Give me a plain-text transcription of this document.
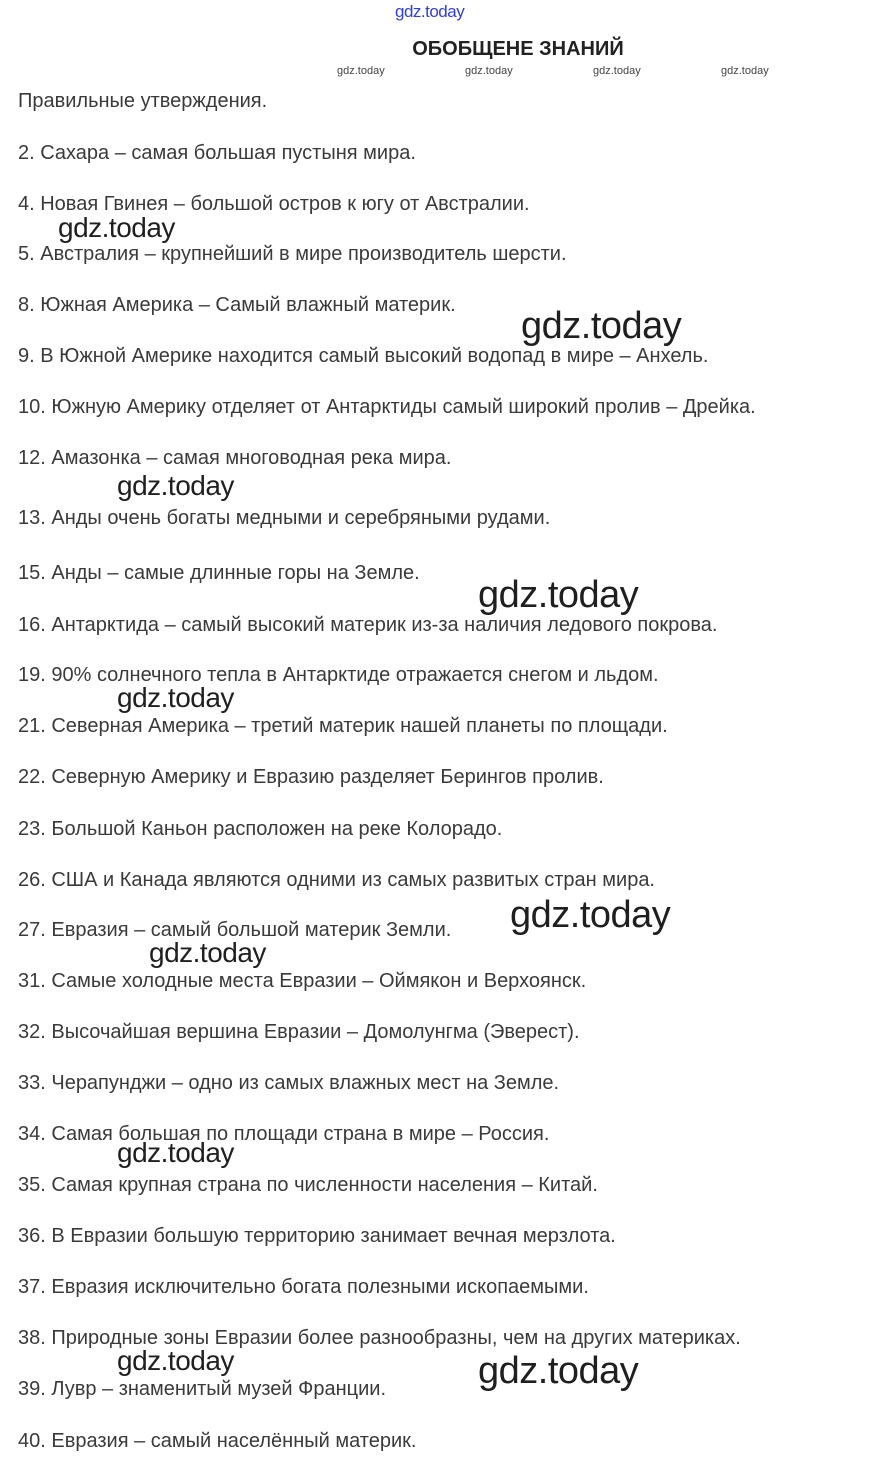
gdz.today
ОБОБЩЕНЕ ЗНАНИЙ
gdz.today	gdz.today	gdz.today	gdz.today
Правильные утверждения.
2. Сахара – самая большая пустыня мира.
4. Новая Гвинея – большой остров к югу от Австралии.
5. Австралия – крупнейший в мире производитель шерсти.
8. Южная Америка – Самый влажный материк.
9. В Южной Америке находится самый высокий водопад в мире – Анхель.
10. Южную Америку отделяет от Антарктиды самый широкий пролив – Дрейка.
12. Амазонка – самая многоводная река мира.
13. Анды очень богаты медными и серебряными рудами.
15. Анды – самые длинные горы на Земле.
16. Антарктида – самый высокий материк из-за наличия ледового покрова.
19. 90% солнечного тепла в Антарктиде отражается снегом и льдом.
21. Северная Америка – третий материк нашей планеты по площади.
22. Северную Америку и Евразию разделяет Берингов пролив.
23. Большой Каньон расположен на реке Колорадо.
26. США и Канада являются одними из самых развитых стран мира.
27. Евразия – самый большой материк Земли.
31. Самые холодные места Евразии – Оймякон и Верхоянск.
32. Высочайшая вершина Евразии – Домолунгма (Эверест).
33. Черапунджи – одно из самых влажных мест на Земле.
34. Самая большая по площади страна в мире – Россия.
35. Самая крупная страна по численности населения – Китай.
36. В Евразии большую территорию занимает вечная мерзлота.
37. Евразия исключительно богата полезными ископаемыми.
38. Природные зоны Евразии более разнообразны, чем на других материках.
39. Лувр – знаменитый музей Франции.
40. Евразия – самый населённый материк.
gdz.today
gdz.today
gdz.today
gdz.today
gdz.today
gdz.today
gdz.today
gdz.today
gdz.today
gdz.today
